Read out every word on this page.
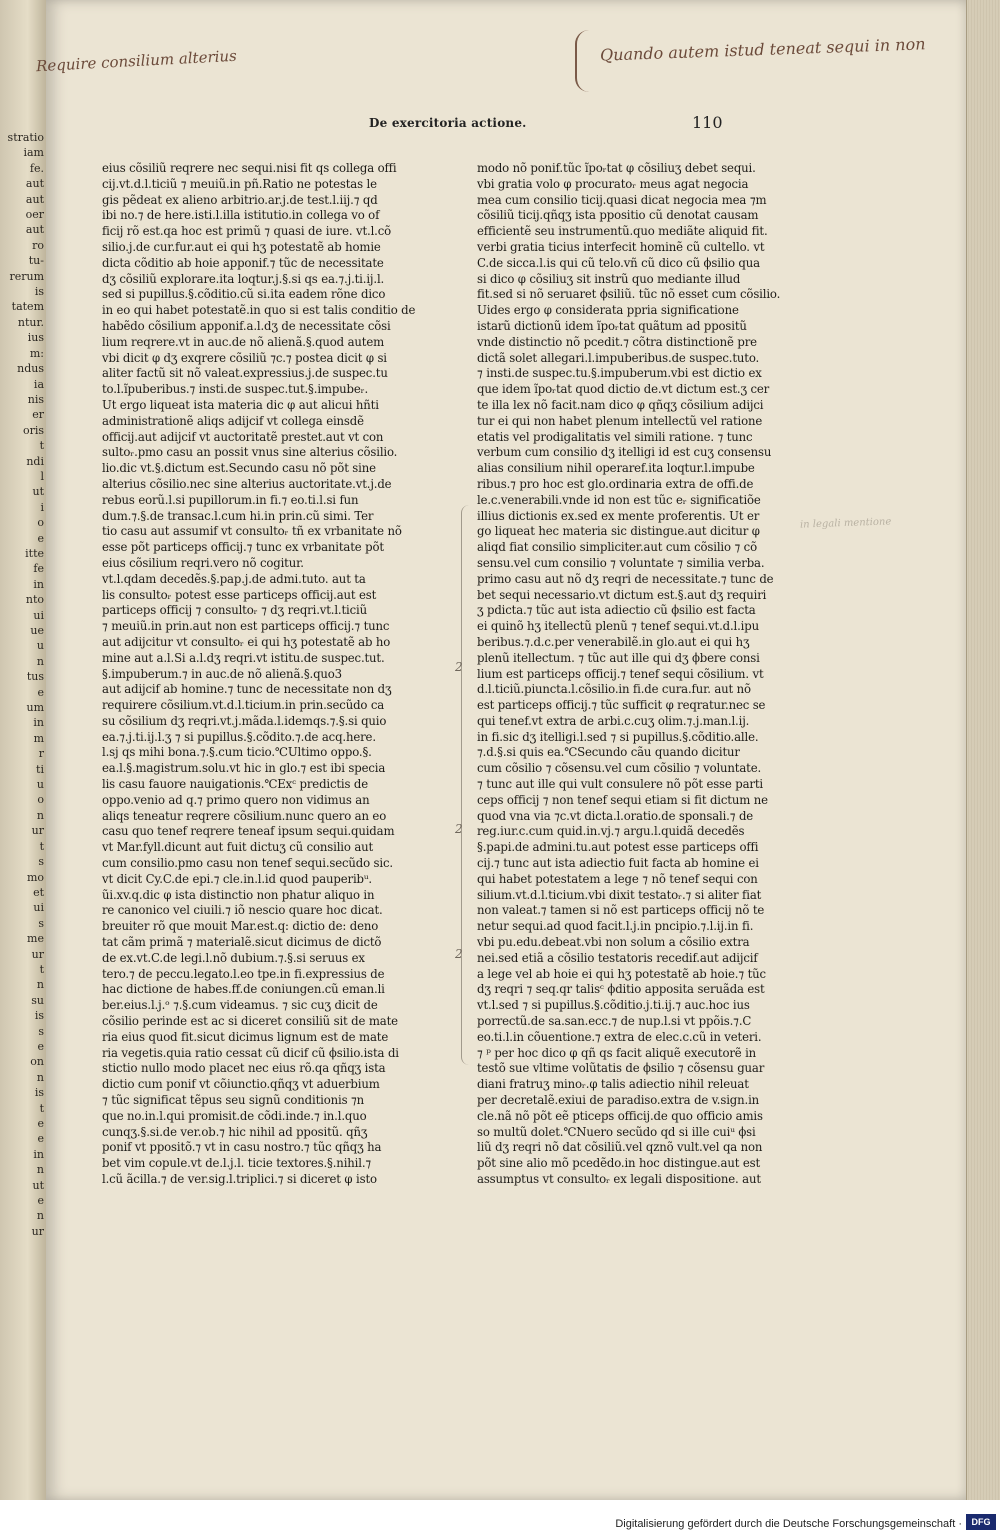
stratio
iam
fe.
aut
aut
oer
aut
ro
tu-
rerum
is
tatem
ntur.
ius
m:
ndus
ia
nis
er
oris
t
ndi
l
ut
i
o
e
itte
fe
in
nto
ui
ue
u
n
tus
e
um
in
m
r
ti
u
o
n
ur
t
s
mo
et
ui
s
me
ur
t
n
su
is
s
e
on
n
is
t
e
e
in
n
ut
e
n
ur
Require consilium alterius	Quando autem istud teneat sequi in non
De exercitoria actione.	110
eius cõsiliũ reqrere nec sequi.nisi fit qs collega offi
cij.vt.d.l.ticiũ ⁊ meuiũ.in pñ.Ratio ne potestas le
gis pẽdeat ex alieno arbitrio.ar.j.de test.l.iij.⁊ qd
ibi no.⁊ de here.isti.l.illa istitutio.in collega vo of
ficij rõ est.qa hoc est primũ ⁊ quasi de iure. vt.l.cõ
silio.j.de cur.fur.aut ei qui hʒ potestatẽ ab homie
dicta cõditio ab hoie apponif.⁊ tũc de necessitate
dʒ cõsiliũ explorare.ita loqtur.j.§.si qs ea.⁊.j.ti.ij.l.
sed si pupillus.§.cõditio.cũ si.ita eadem rõne dico
in eo qui habet potestatẽ.in quo si est talis conditio de
habẽdo cõsilium apponif.a.l.dʒ de necessitate cõsi
lium reqrere.vt in auc.de nõ alienã.§.quod autem
vbi dicit φ dʒ exqrere cõsiliũ ⁊c.⁊ postea dicit φ si
aliter factũ sit nõ valeat.expressius.j.de suspec.tu
to.l.ĩpuberibus.⁊ insti.de suspec.tut.§.impubeᵣ.
Ut ergo liqueat ista materia dic φ aut alicui hñti
administrationẽ aliqs adijcif vt collega einsdẽ
officij.aut adijcif vt auctoritatẽ prestet.aut vt con
sultoᵣ.pmo casu an possit vnus sine alterius cõsilio.
lio.dic vt.§.dictum est.Secundo casu nõ põt sine
alterius cõsilio.nec sine alterius auctoritate.vt.j.de
rebus eorũ.l.si pupillorum.in fi.⁊ eo.ti.l.si fun
dum.⁊.§.de transac.l.cum hi.in prin.cũ simi. Ter
tio casu aut assumif vt consultoᵣ tñ ex vrbanitate nõ
esse põt particeps officij.⁊ tunc ex vrbanitate põt
eius cõsilium reqri.vero nõ cogitur.
vt.l.qdam decedẽs.§.pap.j.de admi.tuto. aut ta
lis consultoᵣ potest esse particeps officij.aut est
particeps officij ⁊ consultoᵣ ⁊ dʒ reqri.vt.l.ticiũ
⁊ meuiũ.in prin.aut non est particeps officij.⁊ tunc
aut adijcitur vt consultoᵣ ei qui hʒ potestatẽ ab ho
mine aut a.l.Si a.l.dʒ reqri.vt istitu.de suspec.tut.
§.impuberum.⁊ in auc.de nõ alienã.§.quo3
aut adijcif ab homine.⁊ tunc de necessitate non dʒ
requirere cõsilium.vt.d.l.ticium.in prin.secũdo ca
su cõsilium dʒ reqri.vt.j.mãda.l.idemqs.⁊.§.si quio
ea.⁊.j.ti.ij.l.ʒ ⁊ si pupillus.§.cõdito.⁊.de acq.here.
l.sj qs mihi bona.⁊.§.cum ticio.℃Ultimo oppo.§.
ea.l.§.magistrum.solu.vt hic in glo.⁊ est ibi specia
lis casu fauore nauigationis.℃Exᶜ predictis de
oppo.venio ad q.⁊ primo quero non vidimus an
aliqs teneatur reqrere cõsilium.nunc quero an eo
casu quo tenef reqrere teneaf ipsum sequi.quidam
vt Mar.fyll.dicunt aut fuit dictuʒ cũ consilio aut
cum consilio.pmo casu non tenef sequi.secũdo sic.
vt dicit Cy.C.de epi.⁊ cle.in.l.id quod pauperibᵘ.
ũi.xv.q.dic φ ista distinctio non phatur aliquo in
re canonico vel ciuili.⁊ iõ nescio quare hoc dicat.
breuiter rõ que mouit Mar.est.q: dictio de: deno
tat cãm primã ⁊ materialẽ.sicut dicimus de dictõ
de ex.vt.C.de legi.l.nõ dubium.⁊.§.si seruus ex
tero.⁊ de peccu.legato.l.eo tpe.in fi.expressius de
hac dictione de habes.ff.de coniungen.cũ eman.li
ber.eius.l.j.ᵒ ⁊.§.cum videamus. ⁊ sic cuʒ dicit de
cõsilio perinde est ac si diceret consiliũ sit de mate
ria eius quod fit.sicut dicimus lignum est de mate
ria vegetis.quia ratio cessat cũ dicif cũ ϕsilio.ista di
stictio nullo modo placet nec eius rõ.qa qñqʒ ista
dictio cum ponif vt cõiunctio.qñqʒ vt aduerbium
⁊ tũc significat tẽpus seu signũ conditionis ⁊n
que no.in.l.qui promisit.de cõdi.inde.⁊ in.l.quo
cunqʒ.§.si.de ver.ob.⁊ hic nihil ad ppositũ. qñʒ
ponif vt ppositõ.⁊ vt in casu nostro.⁊ tũc qñqʒ ha
bet vim copule.vt de.l.j.l. ticie textores.§.nihil.⁊
l.cũ ãcilla.⁊ de ver.sig.l.triplici.⁊ si diceret φ isto
modo nõ ponif.tũc ĩpoᵣtat φ cõsiliuʒ debet sequi.
vbi gratia volo φ procuratoᵣ meus agat negocia
mea cum consilio ticij.quasi dicat negocia mea ⁊m
cõsiliũ ticij.qñqʒ ista ppositio cũ denotat causam
efficientẽ seu instrumentũ.quo mediãte aliquid fit.
verbi gratia ticius interfecit hominẽ cũ cultello. vt
C.de sicca.l.is qui cũ telo.vñ cũ dico cũ ϕsilio qua
si dico φ cõsiliuʒ sit instrũ quo mediante illud
fit.sed si nõ seruaret ϕsiliũ. tũc nõ esset cum cõsilio.
Uides ergo φ considerata ppria significatione
istarũ dictionũ idem ĩpoᵣtat quãtum ad ppositũ
vnde distinctio nõ pcedit.⁊ cõtra distinctionẽ pre
dictã solet allegari.l.impuberibus.de suspec.tuto.
⁊ insti.de suspec.tu.§.impuberum.vbi est dictio ex
que idem ĩpoᵣtat quod dictio de.vt dictum est.ʒ cer
te illa lex nõ facit.nam dico φ qñqʒ cõsilium adijci
tur ei qui non habet plenum intellectũ vel ratione
etatis vel prodigalitatis vel simili ratione. ⁊ tunc
verbum cum consilio dʒ itelligi id est cuʒ consensu
alias consilium nihil operaref.ita loqtur.l.impube
ribus.⁊ pro hoc est glo.ordinaria extra de offi.de
le.c.venerabili.vnde id non est tũc eᵣ significatiõe
illius dictionis ex.sed ex mente proferentis. Ut er
go liqueat hec materia sic distingue.aut dicitur φ
aliqd fiat consilio simpliciter.aut cum cõsilio ⁊ cõ
sensu.vel cum consilio ⁊ voluntate ⁊ similia verba.
primo casu aut nõ dʒ reqri de necessitate.⁊ tunc de
bet sequi necessario.vt dictum est.§.aut dʒ requiri
ʒ pdicta.⁊ tũc aut ista adiectio cũ ϕsilio est facta
ei quinõ hʒ itellectũ plenũ ⁊ tenef sequi.vt.d.l.ipu
beribus.⁊.d.c.per venerabilẽ.in glo.aut ei qui hʒ
plenũ itellectum. ⁊ tũc aut ille qui dʒ ϕbere consi
lium est particeps officij.⁊ tenef sequi cõsilium. vt
d.l.ticiũ.piuncta.l.cõsilio.in fi.de cura.fur. aut nõ
est particeps officij.⁊ tũc sufficit φ reqratur.nec se
qui tenef.vt extra de arbi.c.cuʒ olim.⁊.j.man.l.ij.
in fi.sic dʒ itelligi.l.sed ⁊ si pupillus.§.cõditio.alle.
⁊.d.§.si quis ea.℃Secundo cãu quando dicitur
cum cõsilio ⁊ cõsensu.vel cum cõsilio ⁊ voluntate.
⁊ tunc aut ille qui vult consulere nõ põt esse parti
ceps officij ⁊ non tenef sequi etiam si fit dictum ne
quod vna via ⁊c.vt dicta.l.oratio.de sponsali.⁊ de
reg.iur.c.cum quid.in.vj.⁊ argu.l.quidã decedẽs
§.papi.de admini.tu.aut potest esse particeps offi
cij.⁊ tunc aut ista adiectio fuit facta ab homine ei
qui habet potestatem a lege ⁊ nõ tenef sequi con
silium.vt.d.l.ticium.vbi dixit testatoᵣ.⁊ si aliter fiat
non valeat.⁊ tamen si nõ est particeps officij nõ te
netur sequi.ad quod facit.l.j.in pncipio.⁊.l.ij.in fi.
vbi pu.edu.debeat.vbi non solum a cõsilio extra
nei.sed etiã a cõsilio testatoris recedif.aut adijcif
a lege vel ab hoie ei qui hʒ potestatẽ ab hoie.⁊ tũc
dʒ reqri ⁊ seq.qr talisᶜ ϕditio apposita seruãda est
vt.l.sed ⁊ si pupillus.§.cõditio.j.ti.ij.⁊ auc.hoc ius
porrectũ.de sa.san.ecc.⁊ de nup.l.si vt ppõis.⁊.C
eo.ti.l.in cõuentione.⁊ extra de elec.c.cũ in veteri.
⁊ ᵖ per hoc dico φ qñ qs facit aliquẽ executorẽ in
testõ sue vltime volũtatis de ϕsilio ⁊ cõsensu guar
diani fratruʒ minoᵣ.φ talis adiectio nihil releuat
per decretalẽ.exiui de paradiso.extra de v.sign.in
cle.nã nõ põt eẽ pticeps officij.de quo officio amis
so multũ dolet.℃Nuero secũdo qd si ille cuiᵘ ϕsi
liũ dʒ reqri nõ dat cõsiliũ.vel qznõ vult.vel qa non
põt sine alio mõ pcedẽdo.in hoc distingue.aut est
assumptus vt consultoᵣ ex legali dispositione. aut
2
2
2
in legali mentione
Digitalisierung gefördert durch die Deutsche Forschungsgemeinschaft ·	DFG
